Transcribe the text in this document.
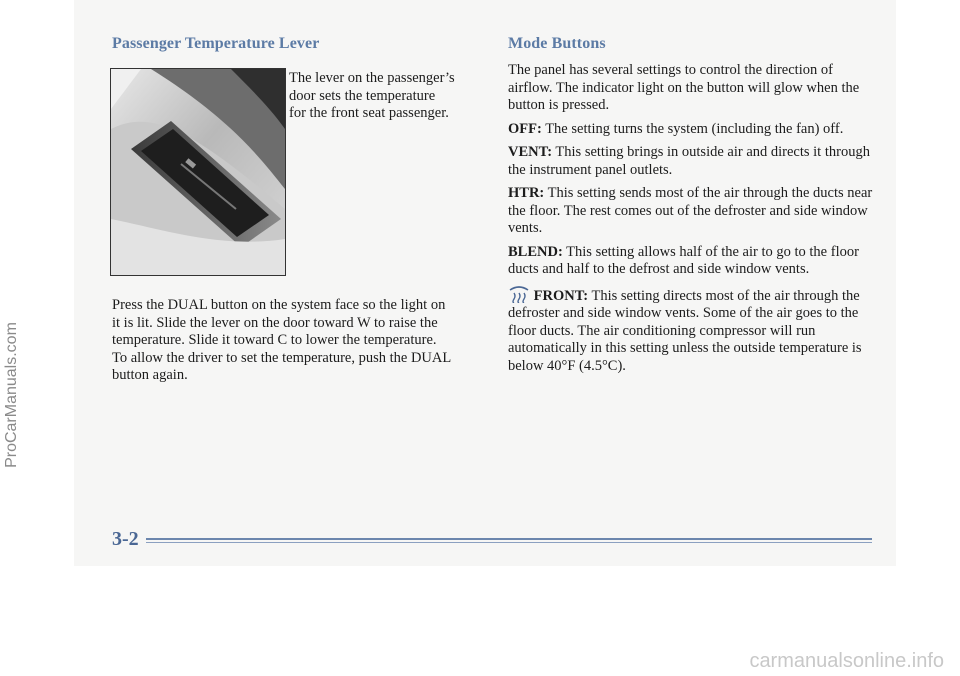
Passenger Temperature Lever
The lever on the passenger’s
door sets the temperature
for the front seat passenger.
Press the DUAL button on the system face so the light on
it is lit. Slide the lever on the door toward W to raise the
temperature. Slide it toward C to lower the temperature.
To allow the driver to set the temperature, push the DUAL
button again.
Mode Buttons

The panel has several settings to control the direction of airflow. The indicator light on the button will glow when the button is pressed.

OFF: The setting turns the system (including the fan) off.

VENT: This setting brings in outside air and directs it through the instrument panel outlets.

HTR: This setting sends most of the air through the ducts near the floor. The rest comes out of the defroster and side window vents.

BLEND: This setting allows half of the air to go to the floor ducts and half to the defrost and side window vents.

FRONT: This setting directs most of the air through the defroster and side window vents. Some of the air goes to the floor ducts. The air conditioning compressor will run automatically in this setting unless the outside temperature is below 40°F (4.5°C).

3-2
ProCarManuals.com
carmanualsonline.info
